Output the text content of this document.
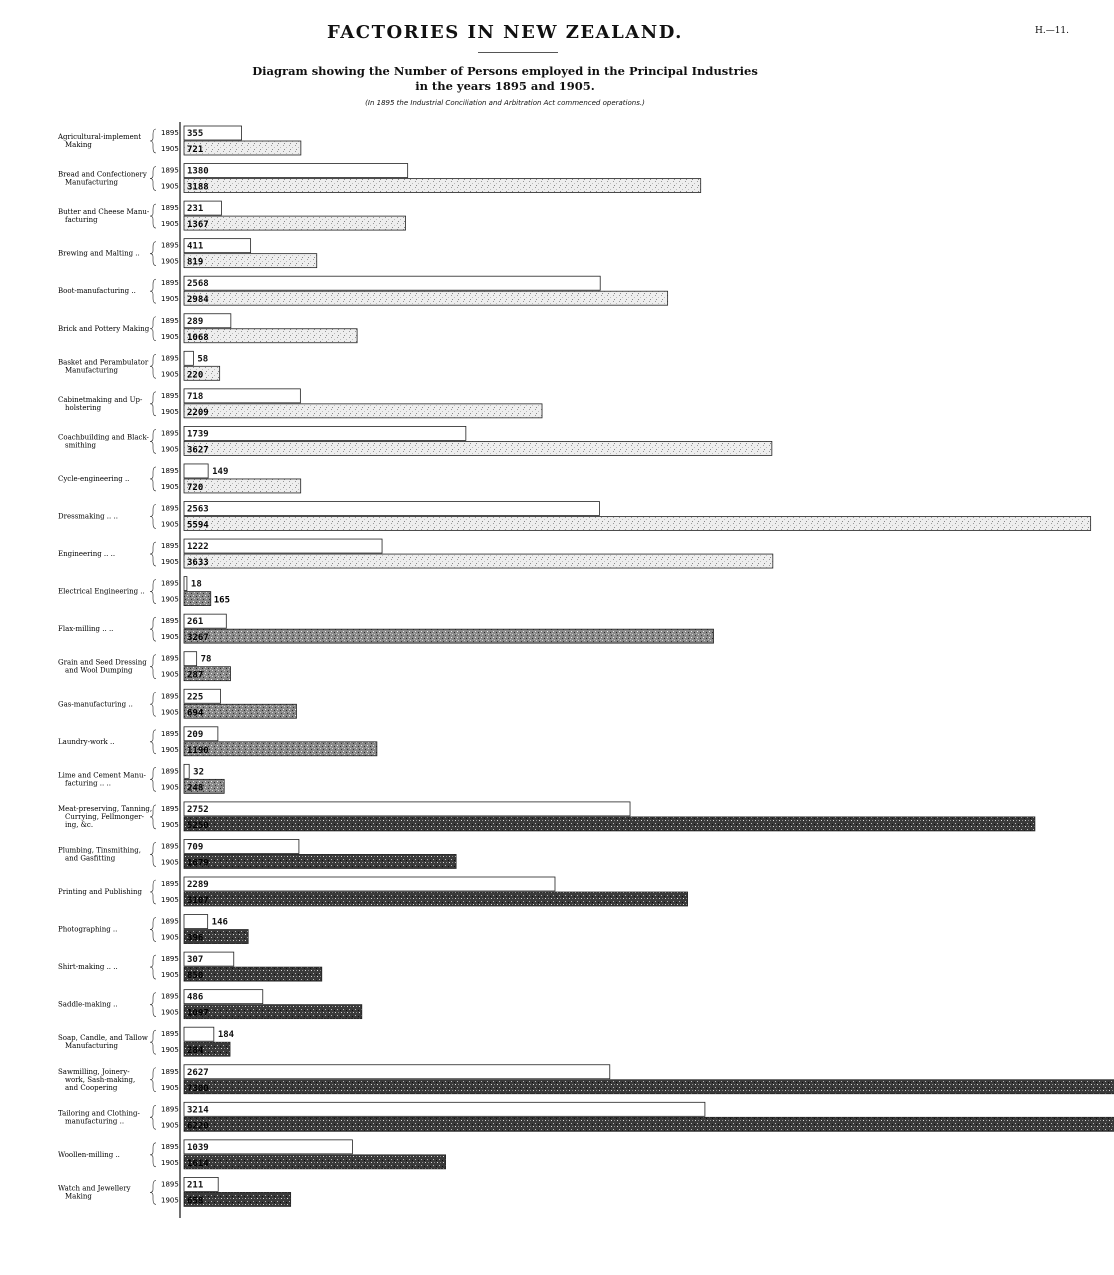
H.—11.
FACTORIES IN NEW ZEALAND.
Diagram showing the Number of Persons employed in the Principal Industries
in the years 1895 and 1905.
(In 1895 the Industrial Conciliation and Arbitration Act commenced operations.)
Agricultural-implement
Making
1895
1905
355
721
Bread and Confectionery
Manufacturing
1895
1905
1380
3188
Butter and Cheese Manu-
facturing
1895
1905
231
1367
Brewing and Malting ..
1895
1905
411
819
Boot-manufacturing ..
1895
1905
2568
2984
Brick and Pottery Making
1895
1905
289
1068
Basket and Perambulator
Manufacturing
1895
1905
58
220
Cabinetmaking and Up-
holstering
1895
1905
718
2209
Coachbuilding and Black-
smithing
1895
1905
1739
3627
Cycle-engineering ..
1895
1905
149
720
Dressmaking .. ..
1895
1905
2563
5594
Engineering .. ..
1895
1905
1222
3633
Electrical Engineering ..
1895
1905
18
165
Flax-milling .. ..
1895
1905
261
3267
Grain and Seed Dressing
and Wool Dumping
1895
1905
78
287
Gas-manufacturing ..
1895
1905
225
694
Laundry-work ..
1895
1905
209
1190
Lime and Cement Manu-
facturing .. ..
1895
1905
32
248
Meat-preserving, Tanning,
Currying, Fellmonger-
ing, &c.
1895
1905
2752
5250
Plumbing, Tinsmithing,
and Gasfitting
1895
1905
709
1679
Printing and Publishing
1895
1905
2289
3107
Photographing ..
1895
1905
146
396
Shirt-making .. ..
1895
1905
307
850
Saddle-making ..
1895
1905
486
1097
Soap, Candle, and Tallow
Manufacturing
1895
1905
184
284
Sawmilling, Joinery-
work, Sash-making,
and Coopering
1895
1905
2627
7300
Tailoring and Clothing-
manufacturing ..
1895
1905
3214
6220
Woollen-milling ..
1895
1905
1039
1614
Watch and Jewellery
Making
1895
1905
211
658
